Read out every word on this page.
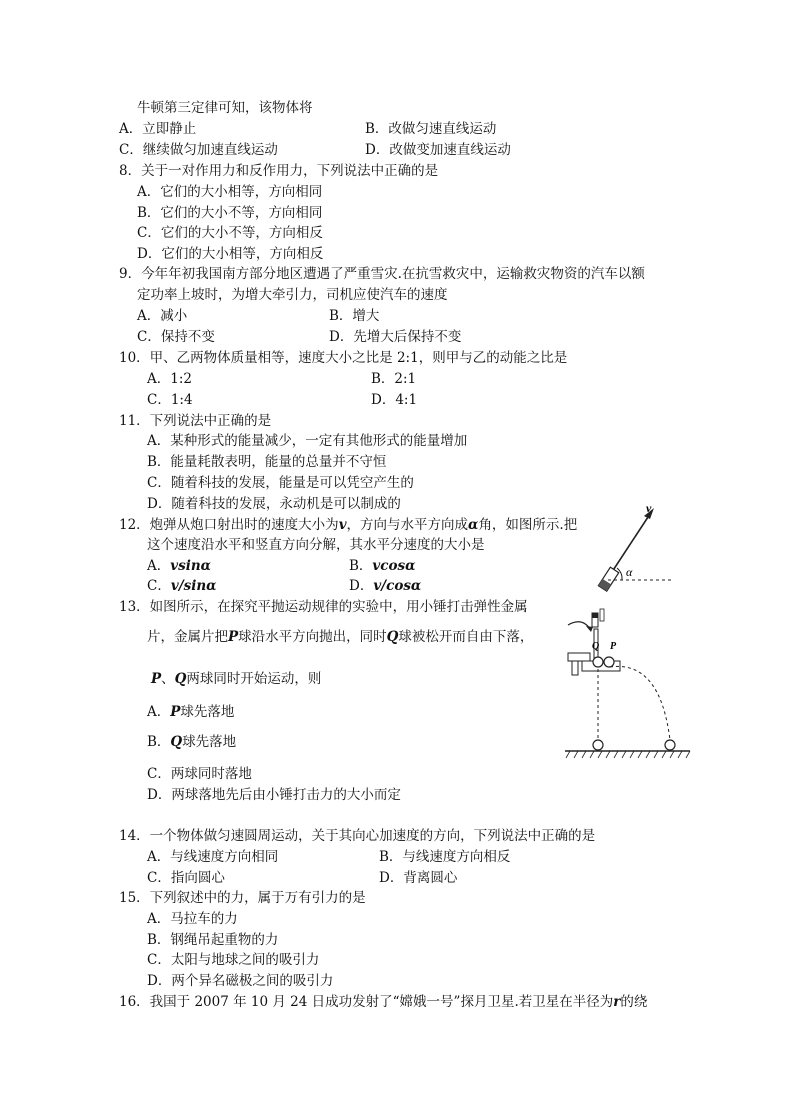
牛顿第三定律可知，该物体将
A．立即静止	B．改做匀速直线运动
C．继续做匀加速直线运动	D．改做变加速直线运动
8．关于一对作用力和反作用力，下列说法中正确的是
A．它们的大小相等，方向相同
B．它们的大小不等，方向相同
C．它们的大小不等，方向相反
D．它们的大小相等，方向相反
9．今年年初我国南方部分地区遭遇了严重雪灾.在抗雪救灾中，运输救灾物资的汽车以额
定功率上坡时，为增大牵引力，司机应使汽车的速度
A．减小	B．增大
C．保持不变	D．先增大后保持不变
10．甲、乙两物体质量相等，速度大小之比是 2:1，则甲与乙的动能之比是
A．1:2	B．2:1
C．1:4	D．4:1
11．下列说法中正确的是
A．某种形式的能量减少，一定有其他形式的能量增加
B．能量耗散表明，能量的总量并不守恒
C．随着科技的发展，能量是可以凭空产生的
D．随着科技的发展，永动机是可以制成的
12．炮弹从炮口射出时的速度大小为v，方向与水平方向成α角，如图所示.把
这个速度沿水平和竖直方向分解，其水平分速度的大小是
A．vsinα	B．vcosα
C．v/sinα	D．v/cosα
v
α
13．如图所示，在探究平抛运动规律的实验中，用小锤打击弹性金属
片，金属片把P球沿水平方向抛出，同时Q球被松开而自由下落，
P、Q两球同时开始运动，则
A．P球先落地
B．Q球先落地
C．两球同时落地
D．两球落地先后由小锤打击力的大小而定
Q P
14．一个物体做匀速圆周运动，关于其向心加速度的方向，下列说法中正确的是
A．与线速度方向相同	B．与线速度方向相反
C．指向圆心	D．背离圆心
15．下列叙述中的力，属于万有引力的是
A．马拉车的力
B．钢绳吊起重物的力
C．太阳与地球之间的吸引力
D．两个异名磁极之间的吸引力
16．我国于 2007 年 10 月 24 日成功发射了“嫦娥一号”探月卫星.若卫星在半径为r的绕
